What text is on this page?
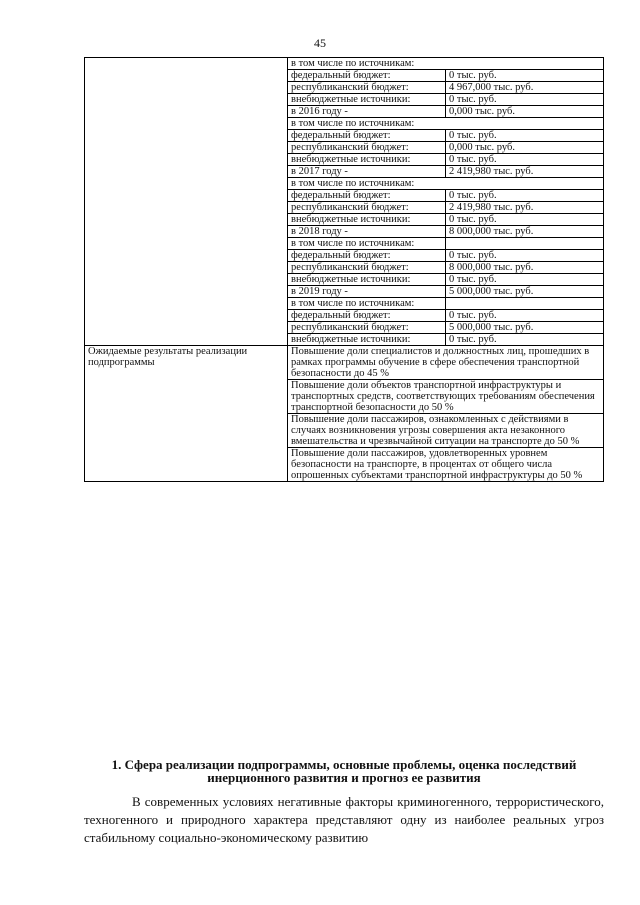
45
	в том числе по источникам:	
	федеральный бюджет:	0 тыс. руб.
	республиканский бюджет:	4 967,000 тыс. руб.
	внебюджетные источники:	0 тыс. руб.
	в 2016 году -	0,000 тыс. руб.
	в том числе по источникам:	
	федеральный бюджет:	0 тыс. руб.
	республиканский бюджет:	0,000 тыс. руб.
	внебюджетные источники:	0 тыс. руб.
	в 2017 году -	2 419,980 тыс. руб.
	в том числе по источникам:	
	федеральный бюджет:	0 тыс. руб.
	республиканский бюджет:	2 419,980 тыс. руб.
	внебюджетные источники:	0 тыс. руб.
	в 2018 году -	8 000,000 тыс. руб.
	в том числе по источникам:	
	федеральный бюджет:	0 тыс. руб.
	республиканский бюджет:	8 000,000 тыс. руб.
	внебюджетные источники:	0 тыс. руб.
	в 2019 году -	5 000,000 тыс. руб.
	в том числе по источникам:	
	федеральный бюджет:	0 тыс. руб.
	республиканский бюджет:	5 000,000 тыс. руб.
	внебюджетные источники:	0 тыс. руб.
Ожидаемые результаты реализации подпрограммы	Повышение доли специалистов и должностных лиц, прошедших в рамках программы обучение в сфере обеспечения транспортной безопасности до 45 %	
	Повышение доли объектов транспортной инфраструктуры и транспортных средств, соответствующих требованиям обеспечения транспортной безопасности до 50 %	
	Повышение доли пассажиров, ознакомленных с действиями в случаях возникновения угрозы совершения акта незаконного вмешательства и чрезвычайной ситуации на транспорте до 50 %	
	Повышение доли пассажиров, удовлетворенных уровнем безопасности на транспорте, в процентах от общего числа опрошенных субъектами транспортной инфраструктуры до 50 %	
1. Сфера реализации подпрограммы, основные проблемы, оценка последствий инерционного развития и прогноз ее развития

В современных условиях негативные факторы криминогенного, террористического, техногенного и природного характера представляют одну из наиболее реальных угроз стабильному социально-экономическому развитию
